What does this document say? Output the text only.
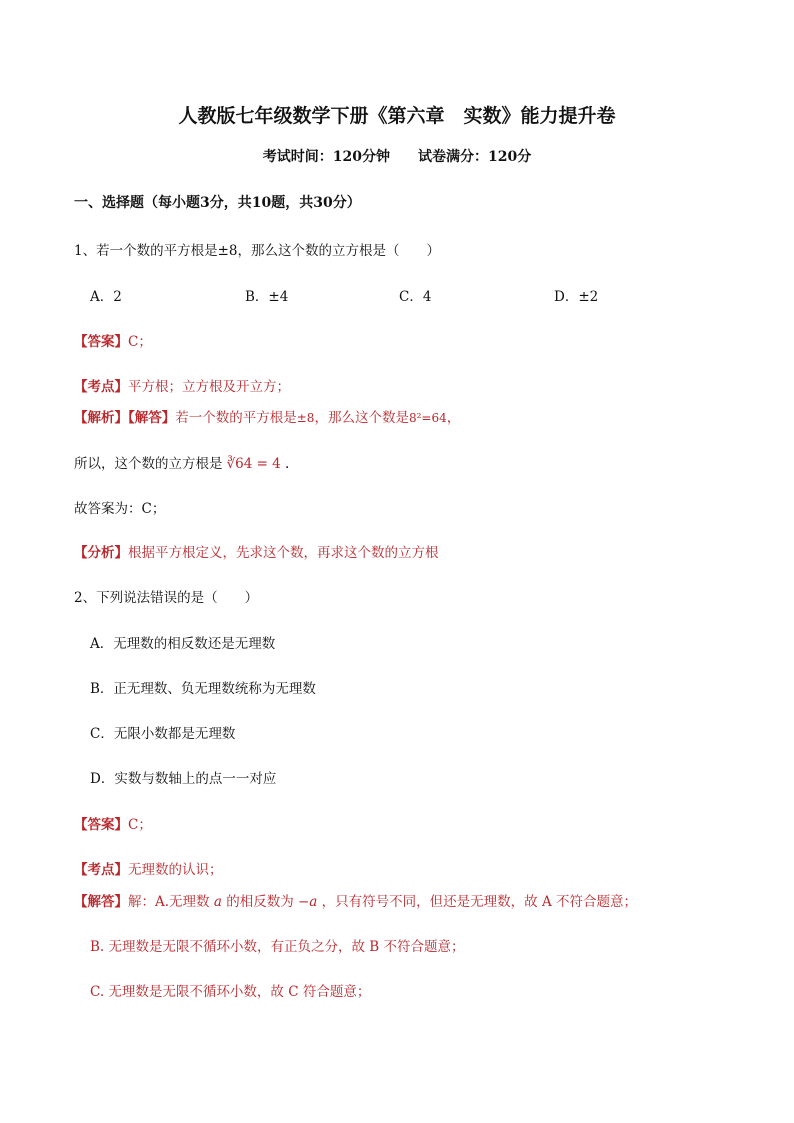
人教版七年级数学下册《第六章　实数》能力提升卷
考试时间：120分钟 试卷满分：120分
一、选择题（每小题3分，共10题，共30分）
1、若一个数的平方根是±8，那么这个数的立方根是（　　）
A．2	B．±4	C．4	D．±2
【答案】C；
【考点】平方根；立方根及开立方；
【解析】【解答】若一个数的平方根是±8，那么这个数是8²=64，
所以，这个数的立方根是 ∛64 = 4 .
故答案为：C；
【分析】根据平方根定义，先求这个数，再求这个数的立方根
2、下列说法错误的是（　　）
A．无理数的相反数还是无理数
B．正无理数、负无理数统称为无理数
C．无限小数都是无理数
D．实数与数轴上的点一一对应
【答案】C；
【考点】无理数的认识；
【解答】解：A.无理数 a 的相反数为 −a ，只有符号不同，但还是无理数，故 A 不符合题意；
B. 无理数是无限不循环小数，有正负之分，故 B 不符合题意；
C. 无理数是无限不循环小数，故 C 符合题意；
